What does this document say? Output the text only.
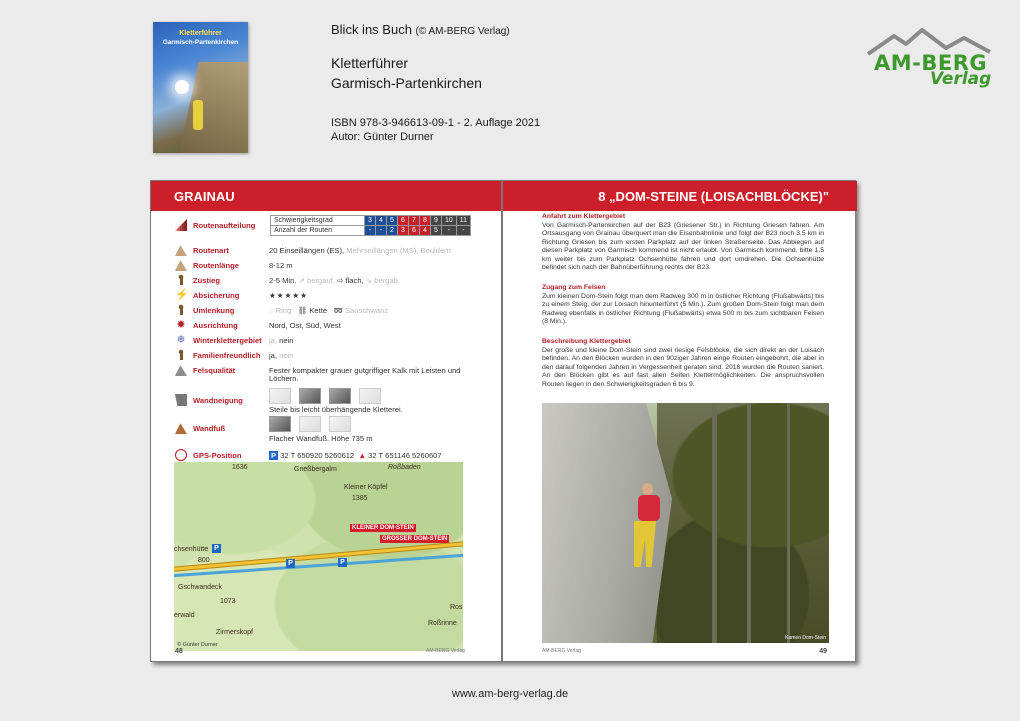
Kletterführer
Garmisch-Partenkirchen
Blick ins Buch (© AM-BERG Verlag)
Kletterführer
Garmisch-Partenkirchen
ISBN 978-3-946613-09-1 - 2. Auflage 2021
Autor: Günter Durner
AM-BERG
Verlag
GRAINAU	8 „DOM-STEINE (LOISACHBLÖCKE)"
Routenaufteilung	Schwierigkeitsgrad	3	4	5	6	7	8	9	10	11
Anzahl der Routen	-	-	2	3	6	4	5	-	-
Routenart	20 Einseillängen (ES), Mehrseillängen (MS), Bouldern
Routenlänge	8-12 m
Zustieg	2-5 Min. ⇗ bergauf, ⇨ flach, ⇘ bergab
⚡ Absicherung	★★★★★
Umlenkung	◌ Ring ⛓ Kette ➿ Sauschwanz
✸ Ausrichtung	Nord, Ost, Süd, West
❄ Winterklettergebiet ja, nein
Familienfreundlich	ja, nein
Felsqualität	Fester kompakter grauer gutgriffiger Kalk mit Leisten und
Löchern.
Wandneigung
Steile bis leicht überhängende Kletterei.
Wandfuß
Flacher Wandfuß. Höhe 735 m
GPS-Position	P 32 T 650920 5260612 ▲ 32 T 651146 5260607
1636	Grießbergalm
1385
Roßbaden
Kleiner Köpfel
chsenhütte
800
Gschwandeck
1073
erwald
Zirmerskopf
Ros
Roßrinne
KLEINER DOM-STEIN
GROSSER DOM-STEIN
P
P	P
© Günter Durner
48	AM-BERG Verlag
Anfahrt zum Klettergebiet

Von Garmisch-Partenkirchen auf der B23 (Griesener Str.) in Richtung Griesen fahren. Am Ortsausgang von Grainau überquert man die Eisenbahnlinie und folgt der B23 noch 3,5 km in Richtung Griesen bis zum ersten Parkplatz auf der linken Straßenseite. Das Abbiegen auf diesen Parkplatz von Garmisch kommend ist nicht erlaubt. Von Garmisch kommend, bitte 1,5 km weiter bis zum Parkplatz Ochsenhütte fahren und dort umdrehen. Die Ochsenhütte befindet sich nach der Bahnüberführung rechts der B23.

Zugang zum Felsen

Zum kleinen Dom-Stein folgt man dem Radweg 300 m in östlicher Richtung (Flußabwärts) bis zu einem Steig, der zur Loisach hinunterführt (5 Min.). Zum großen Dom-Stein folgt man dem Radweg ebenfalls in östlicher Richtung (Flußabwärts) etwa 500 m bis zum sichtbaren Felsen (8 Min.).

Beschreibung Klettergebiet

Der große und kleine Dom-Stein sind zwei riesige Felsblöcke, die sich direkt an der Loisach befinden. An den Blöcken wurden in den 90ziger Jahren einge Routen eingebohrt, die aber in den darauf folgenden Jahren in Vergessenheit geraten sind. 2016 wurden die Routen saniert. An den Blöcken gibt es auf fast allen Seiten Klettermöglichkeiten. Die anspruchsvollen Routen liegen in den Schwierigkeitsgraden 6 bis 9.

Kamen Dom-Stein
AM-BERG Verlag	49
www.am-berg-verlag.de
